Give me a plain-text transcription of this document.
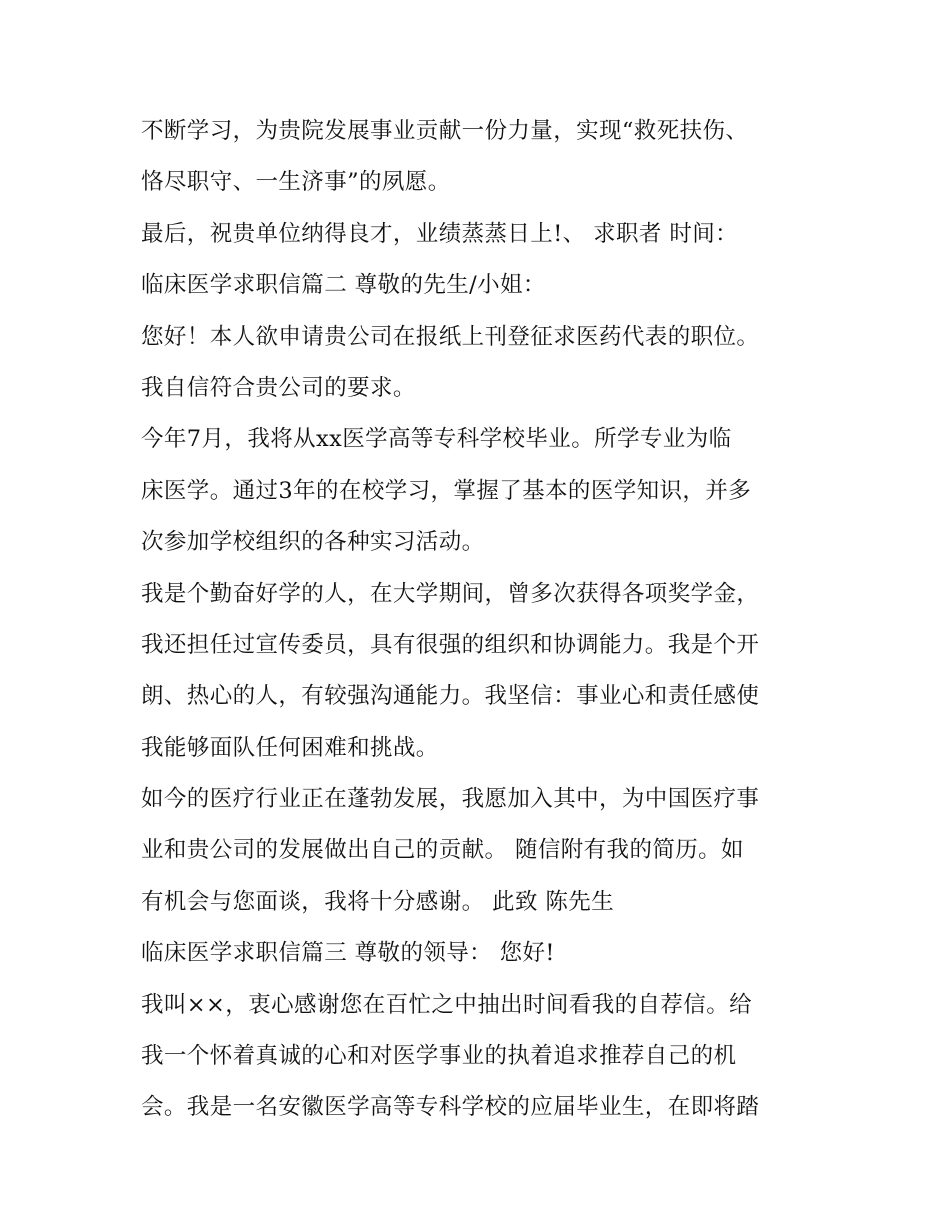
不断学习，为贵院发展事业贡献一份力量，实现“救死扶伤、
恪尽职守、一生济事”的夙愿。
最后，祝贵单位纳得良才，业绩蒸蒸日上!、 求职者 时间：
临床医学求职信篇二 尊敬的先生/小姐：
您好！本人欲申请贵公司在报纸上刊登征求医药代表的职位。
我自信符合贵公司的要求。
今年7月，我将从xx医学高等专科学校毕业。所学专业为临
床医学。通过3年的在校学习，掌握了基本的医学知识，并多
次参加学校组织的各种实习活动。
我是个勤奋好学的人，在大学期间，曾多次获得各项奖学金，
我还担任过宣传委员，具有很强的组织和协调能力。我是个开
朗、热心的人，有较强沟通能力。我坚信：事业心和责任感使
我能够面队任何困难和挑战。
如今的医疗行业正在蓬勃发展，我愿加入其中，为中国医疗事
业和贵公司的发展做出自己的贡献。 随信附有我的简历。如
有机会与您面谈，我将十分感谢。 此致 陈先生
临床医学求职信篇三 尊敬的领导： 您好!
我叫××，衷心感谢您在百忙之中抽出时间看我的自荐信。给
我一个怀着真诚的心和对医学事业的执着追求推荐自己的机
会。我是一名安徽医学高等专科学校的应届毕业生，在即将踏
